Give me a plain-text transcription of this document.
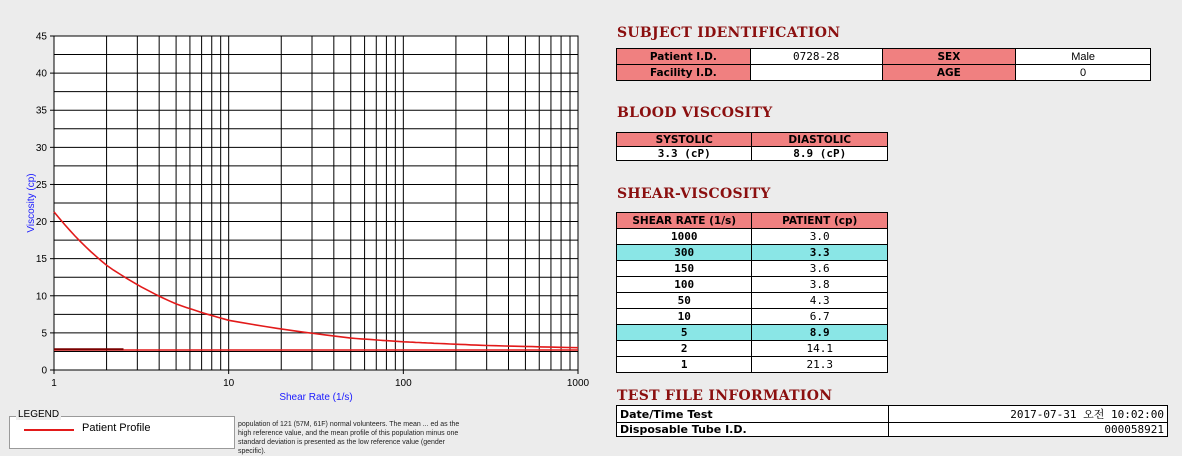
0
5
10
15
20
25
30
35
40
45
1	10	100	1000
Shear Rate (1/s)
Viscosity (cp)
LEGEND
Patient Profile	population of 121 (57M, 61F) normal volunteers. The mean ... ed as the high reference value, and the mean profile of this population minus one standard deviation is presented as the low reference value (gender specific).
SUBJECT IDENTIFICATION
Patient I.D.	0728-28	SEX	Male
Facility I.D.		AGE	0
BLOOD VISCOSITY
SYSTOLIC	DIASTOLIC
3.3 (cP)	8.9 (cP)
SHEAR-VISCOSITY
SHEAR RATE (1/s)	PATIENT (cp)
1000	3.0
300	3.3
150	3.6
100	3.8
50	4.3
10	6.7
5	8.9
2	14.1
1	21.3
TEST FILE INFORMATION
Date/Time Test	2017-07-31 오전 10:02:00
Disposable Tube I.D.	000058921
